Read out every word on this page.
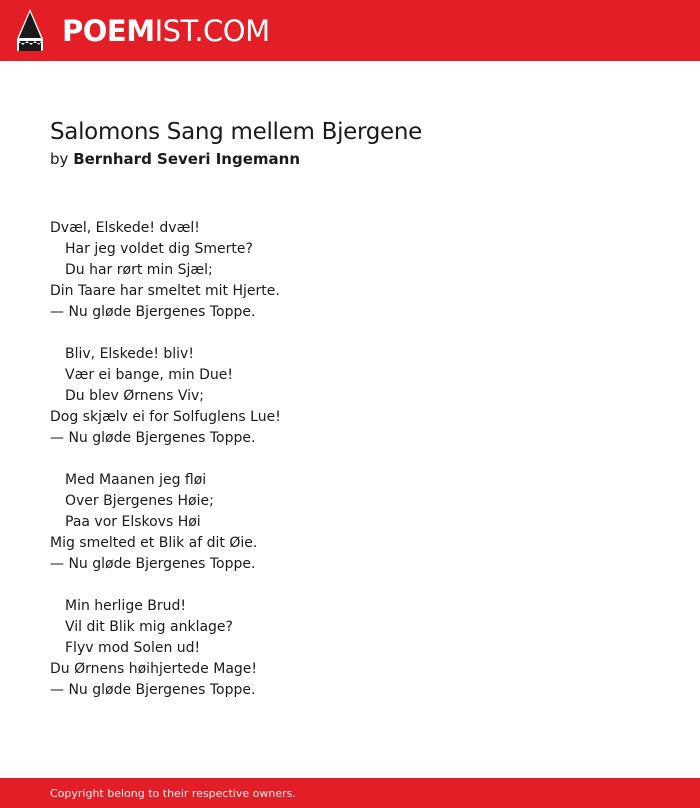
POEMIST.COM
Salomons Sang mellem Bjergene
by Bernhard Severi Ingemann
Dvæl, Elskede! dvæl!
Har jeg voldet dig Smerte?
Du har rørt min Sjæl;
Din Taare har smeltet mit Hjerte.
— Nu gløde Bjergenes Toppe.
Bliv, Elskede! bliv!
Vær ei bange, min Due!
Du blev Ørnens Viv;
Dog skjælv ei for Solfuglens Lue!
— Nu gløde Bjergenes Toppe.
Med Maanen jeg fløi
Over Bjergenes Høie;
Paa vor Elskovs Høi
Mig smelted et Blik af dit Øie.
— Nu gløde Bjergenes Toppe.
Min herlige Brud!
Vil dit Blik mig anklage?
Flyv mod Solen ud!
Du Ørnens høihjertede Mage!
— Nu gløde Bjergenes Toppe.
Copyright belong to their respective owners.
